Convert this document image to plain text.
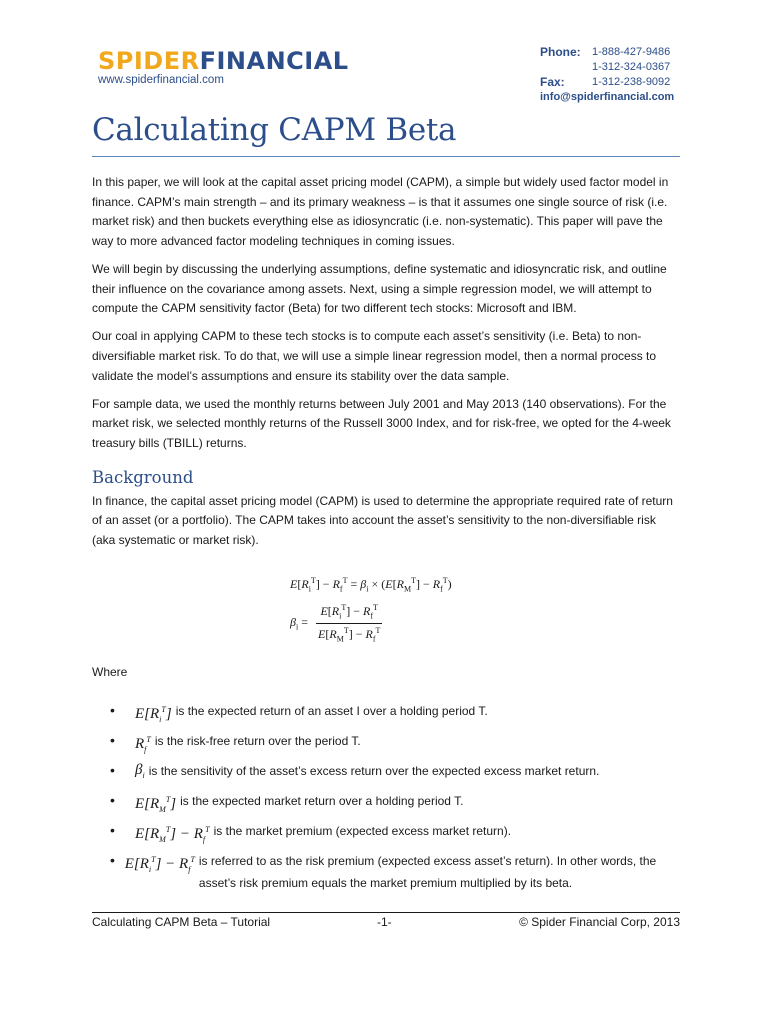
SPIDERFINANCIAL
www.spiderfinancial.com
Phone:	1-888-427-9486
1-312-324-0367
Fax:	1-312-238-9092
info@spiderfinancial.com
Calculating CAPM Beta

In this paper, we will look at the capital asset pricing model (CAPM), a simple but widely used factor model in finance. CAPM’s main strength – and its primary weakness – is that it assumes one single source of risk (i.e. market risk) and then buckets everything else as idiosyncratic (i.e. non-systematic). This paper will pave the way to more advanced factor modeling techniques in coming issues.

We will begin by discussing the underlying assumptions, define systematic and idiosyncratic risk, and outline their influence on the covariance among assets. Next, using a simple regression model, we will attempt to compute the CAPM sensitivity factor (Beta) for two different tech stocks: Microsoft and IBM.

Our coal in applying CAPM to these tech stocks is to compute each asset’s sensitivity (i.e. Beta) to non-diversifiable market risk. To do that, we will use a simple linear regression model, then a normal process to validate the model’s assumptions and ensure its stability over the data sample.

For sample data, we used the monthly returns between July 2001 and May 2013 (140 observations). For the market risk, we selected monthly returns of the Russell 3000 Index, and for risk-free, we opted for the 4-week treasury bills (TBILL) returns.

Background

In finance, the capital asset pricing model (CAPM) is used to determine the appropriate required rate of return of an asset (or a portfolio). The CAPM takes into account the asset’s sensitivity to the non-diversifiable risk (aka systematic or market risk).

$E[R_i^T] - R_f^T = \beta_i \times (E[R_M^T] - R_f^T)$
$\beta_i = \frac{E[R_i^T] - R_f^T}{E[R_M^T] - R_f^T}$
Where
•	$E[R_i^T]$ is the expected return of an asset I over a holding period T.
•	$R_f^T$ is the risk-free return over the period T.
•	$\beta_i$ is the sensitivity of the asset’s excess return over the expected excess market return.
•	$E[R_M^T]$ is the expected market return over a holding period T.
•	$E[R_M^T] - R_f^T$ is the market premium (expected excess market return).
• $E[R_i^T] - R_f^T$ is referred to as the risk premium (expected excess asset’s return). In other words, the asset’s risk premium equals the market premium multiplied by its beta.
Calculating CAPM Beta – Tutorial	-1-	© Spider Financial Corp, 2013
